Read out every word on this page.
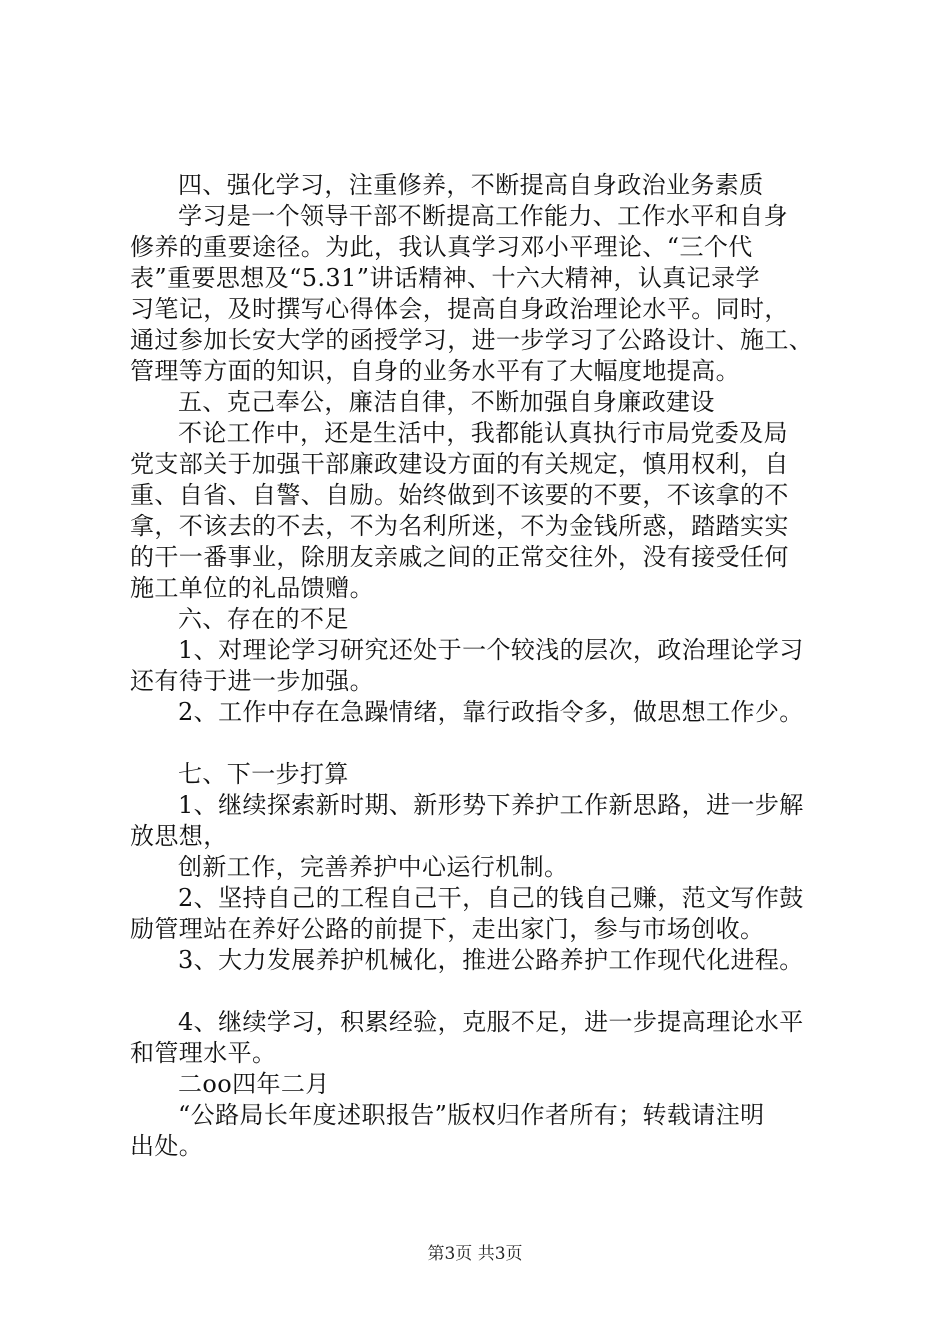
四、强化学习，注重修养，不断提高自身政治业务素质
学习是一个领导干部不断提高工作能力、工作水平和自身
修养的重要途径。为此，我认真学习邓小平理论、“三个代
表”重要思想及“5.31”讲话精神、十六大精神，认真记录学
习笔记，及时撰写心得体会，提高自身政治理论水平。同时，
通过参加长安大学的函授学习，进一步学习了公路设计、施工、
管理等方面的知识，自身的业务水平有了大幅度地提高。
五、克己奉公，廉洁自律，不断加强自身廉政建设
不论工作中，还是生活中，我都能认真执行市局党委及局
党支部关于加强干部廉政建设方面的有关规定，慎用权利，自
重、自省、自警、自励。始终做到不该要的不要，不该拿的不
拿，不该去的不去，不为名利所迷，不为金钱所惑，踏踏实实
的干一番事业，除朋友亲戚之间的正常交往外，没有接受任何
施工单位的礼品馈赠。
六、存在的不足
1、对理论学习研究还处于一个较浅的层次，政治理论学习
还有待于进一步加强。
2、工作中存在急躁情绪，靠行政指令多，做思想工作少。
七、下一步打算
1、继续探索新时期、新形势下养护工作新思路，进一步解
放思想，
创新工作，完善养护中心运行机制。
2、坚持自己的工程自己干，自己的钱自己赚，范文写作鼓
励管理站在养好公路的前提下，走出家门，参与市场创收。
3、大力发展养护机械化，推进公路养护工作现代化进程。
4、继续学习，积累经验，克服不足，进一步提高理论水平
和管理水平。
二oo四年二月
“公路局长年度述职报告”版权归作者所有；转载请注明
出处。
第3页 共3页
